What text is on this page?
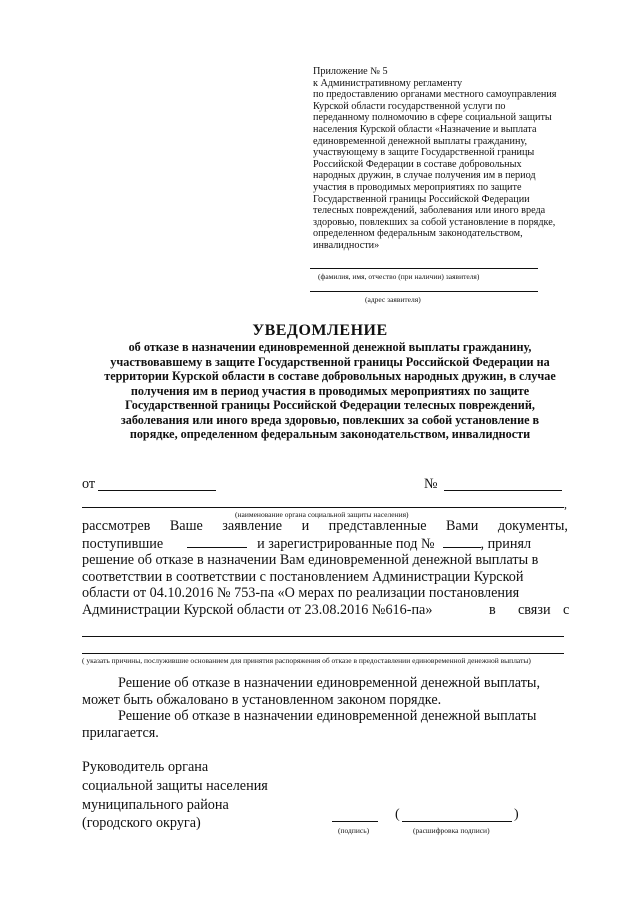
Приложение № 5
к Административному регламенту
по предоставлению органами местного самоуправления
Курской области государственной услуги по
переданному полномочию в сфере социальной защиты
населения Курской области «Назначение и выплата
единовременной денежной выплаты гражданину,
участвующему в защите Государственной границы
Российской Федерации в составе добровольных
народных дружин, в случае получения им в период
участия в проводимых мероприятиях по защите
Государственной границы Российской Федерации
телесных повреждений, заболевания или иного вреда
здоровью, повлекших за собой установление в порядке,
определенном федеральным законодательством,
инвалидности»
(фамилия, имя, отчество (при наличии) заявителя)
(адрес заявителя)
УВЕДОМЛЕНИЕ
об отказе в назначении единовременной денежной выплаты гражданину,
участвовавшему в защите Государственной границы Российской Федерации на
территории Курской области в составе добровольных народных дружин, в случае
получения им в период участия в проводимых мероприятиях по защите
Государственной границы Российской Федерации телесных повреждений,
заболевания или иного вреда здоровью, повлекших за собой установление в
порядке, определенном федеральным законодательством, инвалидности
от	№
,
(наименование органа социальной защиты населения)
рассмотрев Ваше заявление и представленные Вами документы,
поступившие	и зарегистрированные под №	, принял
решение об отказе в назначении Вам единовременной денежной выплаты в
соответствии в соответствии с постановлением Администрации Курской
области от 04.10.2016 № 753-па «О мерах по реализации постановления
Администрации Курской области от 23.08.2016 №616-па»	в связи с
( указать причины, послужившие основанием для принятия распоряжения об отказе в предоставлении единовременной денежной выплаты)
Решение об отказе в назначении единовременной денежной выплаты,
может быть обжаловано в установленном законом порядке.
Решение об отказе в назначении единовременной денежной выплаты
прилагается.
Руководитель органа
социальной защиты населения
муниципального района
(городского округа)	(подпись)
(	)
(расшифровка подписи)
